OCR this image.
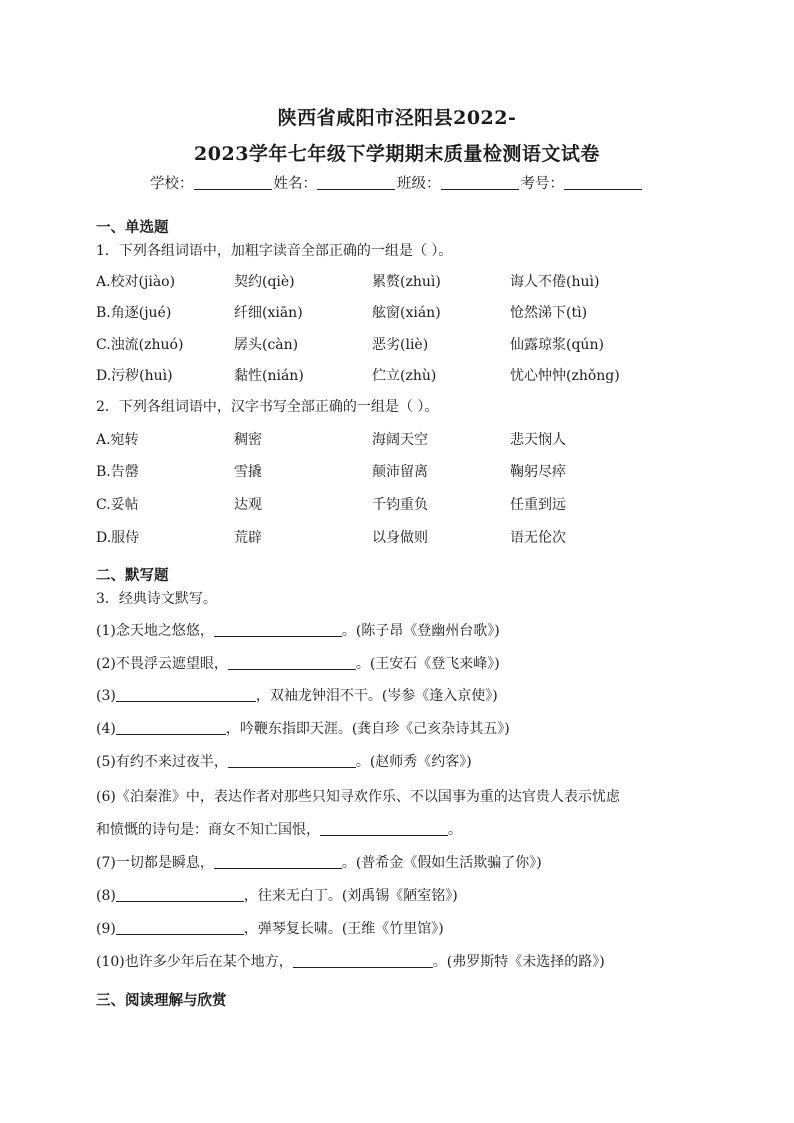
陕西省咸阳市泾阳县2022-
2023学年七年级下学期期末质量检测语文试卷
学校：	姓名：	班级：	考号：
一、单选题
1．下列各组词语中，加粗字读音全部正确的一组是（ ）。
A.校对(jiào)	契约(qiè)	累赘(zhuì)	诲人不倦(huì)
B.角逐(jué)	纤细(xiān)	舷窗(xián)	怆然涕下(tì)
C.浊流(zhuó)	孱头(càn)	恶劣(liè)	仙露琼浆(qún)
D.污秽(huì)	黏性(nián)	伫立(zhù)	忧心忡忡(zhǒng)
2．下列各组词语中，汉字书写全部正确的一组是（ ）。
A.宛转	稠密	海阔天空	悲天悯人
B.告罄	雪撬	颠沛留离	鞠躬尽瘁
C.妥帖	达观	千钧重负	任重到远
D.服侍	荒辟	以身做则	语无伦次
二、默写题
3．经典诗文默写。
(1)念天地之悠悠，	。(陈子昂《登幽州台歌》)
(2)不畏浮云遮望眼，	。(王安石《登飞来峰》)
(3)	，双袖龙钟泪不干。(岑参《逢入京使》)
(4)	，吟鞭东指即天涯。(龚自珍《己亥杂诗其五》)
(5)有约不来过夜半，	。(赵师秀《约客》)
(6)《泊秦淮》中，表达作者对那些只知寻欢作乐、不以国事为重的达官贵人表示忧虑
和愤慨的诗句是：商女不知亡国恨，	。
(7)一切都是瞬息，	。(普希金《假如生活欺骗了你》)
(8)	，往来无白丁。(刘禹锡《陋室铭》)
(9)	，弹琴复长啸。(王维《竹里馆》)
(10)也许多少年后在某个地方，	。(弗罗斯特《未选择的路》)
三、阅读理解与欣赏
